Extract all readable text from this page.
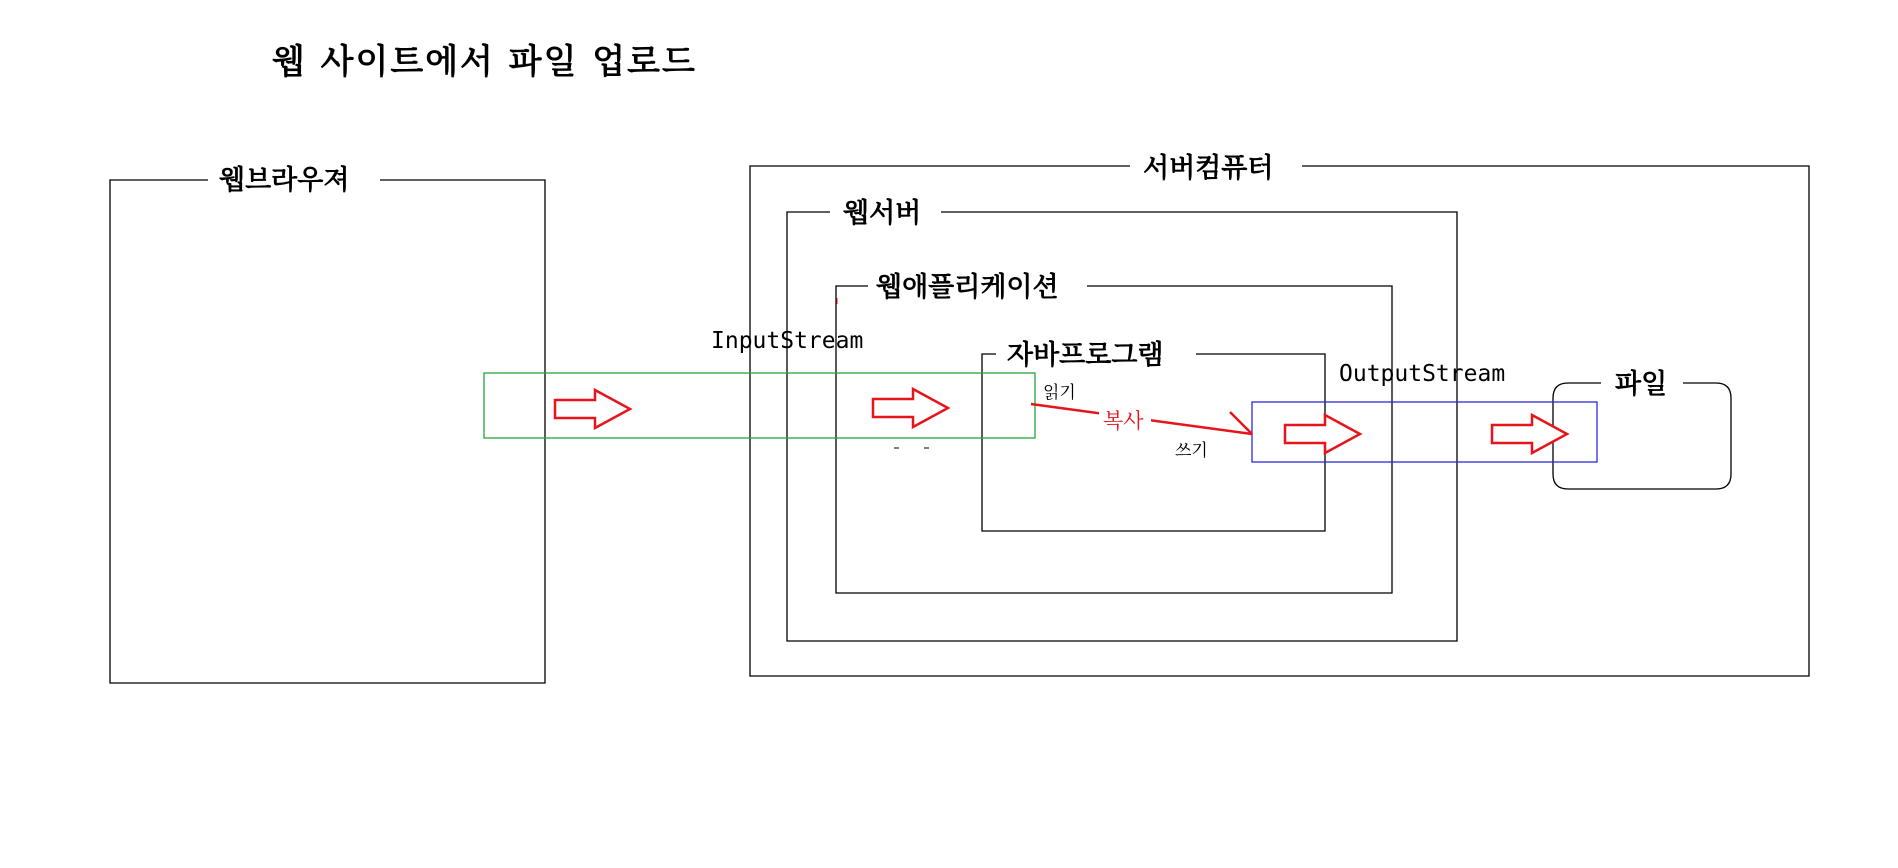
웹 사이트에서 파일 업로드
웹브라우져	서버컴퓨터
웹서버
웹애플리케이션
자바프로그램
파일
InputStream
OutputStream
복사
읽기
쓰기
